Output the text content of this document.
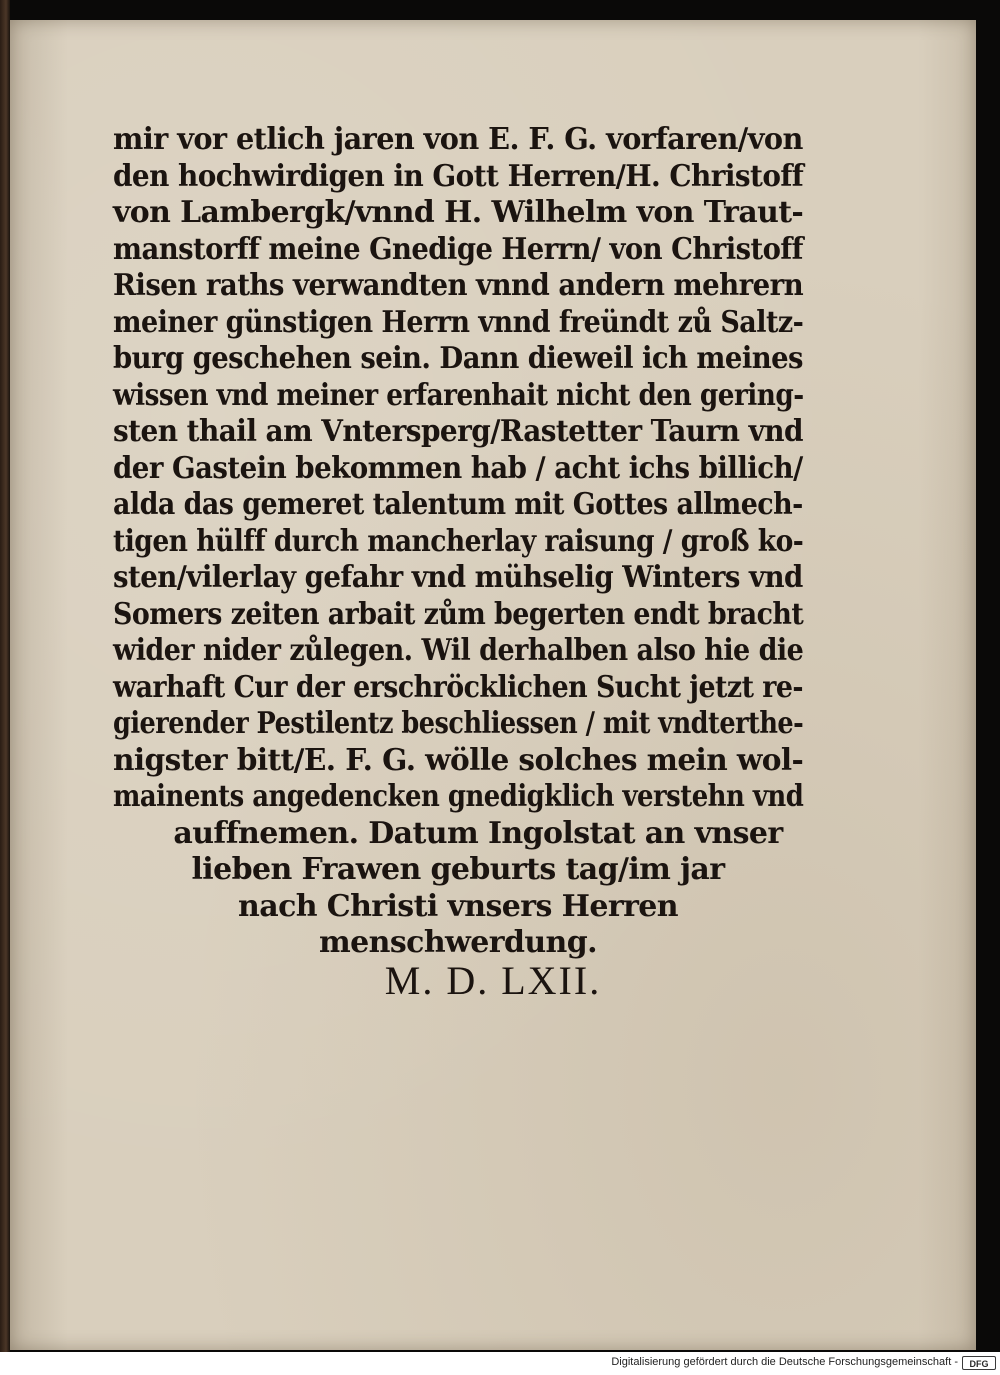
mir vor etlich jaren von E. F. G. vorfaren/von
den hochwirdigen in Gott Herren/H. Christoff
von Lambergk/vnnd H. Wilhelm von Traut‑
manstorff meine Gnedige Herrn/ von Christoff
Risen raths verwandten vnnd andern mehrern
meiner günstigen Herrn vnnd freündt zů Saltz‑
burg geschehen sein. Dann dieweil ich meines
wissen vnd meiner erfarenhait nicht den gering‑
sten thail am Vntersperg/Rastetter Taurn vnd
der Gastein bekommen hab / acht ichs billich/
alda das gemeret talentum mit Gottes allmech‑
tigen hülff durch mancherlay raisung / groß ko‑
sten/vilerlay gefahr vnd mühselig Winters vnd
Somers zeiten arbait zům begerten endt bracht
wider nider zůlegen. Wil derhalben also hie die
warhaft Cur der erschröcklichen Sucht jetzt re‑
gierender Pestilentz beschliessen / mit vndterthe‑
nigster bitt/E. F. G. wölle solches mein wol‑
mainents angedencken gnedigklich verstehn vnd
auffnemen. Datum Ingolstat an vnser
lieben Frawen geburts tag/im jar
nach Christi vnsers Herren
menschwerdung.
M. D. LXII.
Digitalisierung gefördert durch die Deutsche Forschungsgemeinschaft -	DFG
